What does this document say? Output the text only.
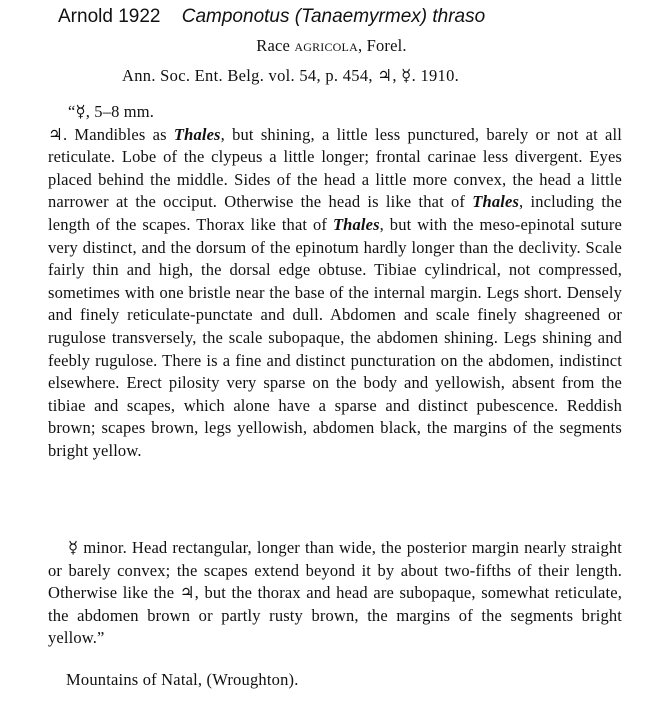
Arnold 1922 Camponotus (Tanaemyrmex) thraso
Race agricola, Forel.
Ann. Soc. Ent. Belg. vol. 54, p. 454, ♃, ☿. 1910.
“☿, 5–8 mm.
♃. Mandibles as Thales, but shining, a little less punctured, barely or not at all reticulate. Lobe of the clypeus a little longer; frontal carinae less divergent. Eyes placed behind the middle. Sides of the head a little more convex, the head a little narrower at the occiput. Otherwise the head is like that of Thales, including the length of the scapes. Thorax like that of Thales, but with the meso-epinotal suture very distinct, and the dorsum of the epinotum hardly longer than the declivity. Scale fairly thin and high, the dorsal edge obtuse. Tibiae cylindrical, not compressed, sometimes with one bristle near the base of the internal margin. Legs short. Densely and finely reticulate-punctate and dull. Abdomen and scale finely shagreened or rugulose transversely, the scale subopaque, the abdomen shining. Legs shining and feebly rugulose. There is a fine and distinct puncturation on the abdomen, indistinct elsewhere. Erect pilosity very sparse on the body and yellowish, absent from the tibiae and scapes, which alone have a sparse and distinct pubescence. Reddish brown; scapes brown, legs yellowish, abdomen black, the margins of the segments bright yellow.
☿ minor. Head rectangular, longer than wide, the posterior margin nearly straight or barely convex; the scapes extend beyond it by about two-fifths of their length. Otherwise like the ♃, but the thorax and head are subopaque, somewhat reticulate, the abdomen brown or partly rusty brown, the margins of the segments bright yellow.”
Mountains of Natal, (Wroughton).
